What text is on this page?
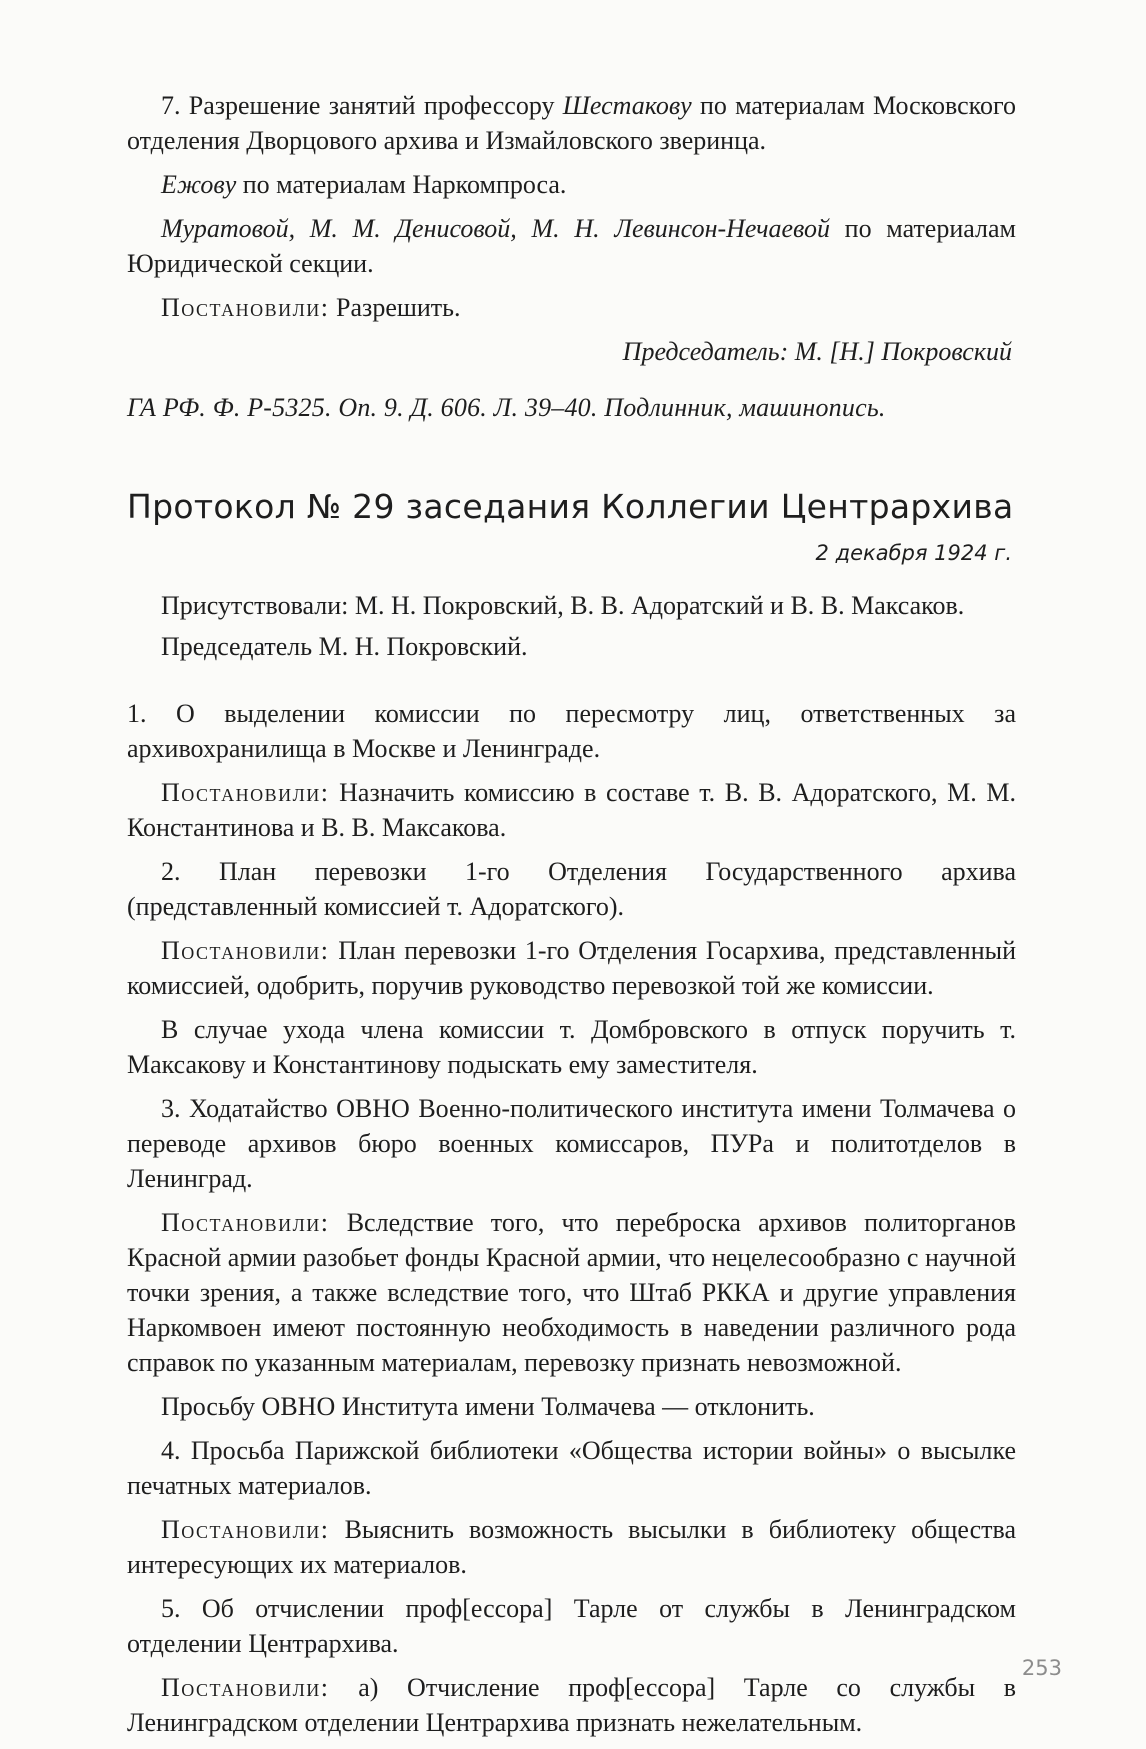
7. Разрешение занятий профессору Шестакову по материалам Московского отделения Дворцового архива и Измайловского зверинца.

Ежову по материалам Наркомпроса.

Муратовой, М. М. Денисовой, М. Н. Левинсон-Нечаевой по материалам Юридической секции.

Постановили: Разрешить.

Председатель: М. [Н.] Покровский

ГА РФ. Ф. Р-5325. Оп. 9. Д. 606. Л. 39–40. Подлинник, машинопись.

Протокол № 29 заседания Коллегии Центрархива

2 декабря 1924 г.

Присутствовали: М. Н. Покровский, В. В. Адоратский и В. В. Максаков.

Председатель М. Н. Покровский.

1. О выделении комиссии по пересмотру лиц, ответственных за архивохранилища в Москве и Ленинграде.

Постановили: Назначить комиссию в составе т. В. В. Адоратского, М. М. Константинова и В. В. Максакова.

2. План перевозки 1-го Отделения Государственного архива (представленный комиссией т. Адоратского).

Постановили: План перевозки 1-го Отделения Госархива, представленный комиссией, одобрить, поручив руководство перевозкой той же комиссии.

В случае ухода члена комиссии т. Домбровского в отпуск поручить т. Максакову и Константинову подыскать ему заместителя.

3. Ходатайство ОВНО Военно-политического института имени Толмачева о переводе архивов бюро военных комиссаров, ПУРа и политотделов в Ленинград.

Постановили: Вследствие того, что переброска архивов политорганов Красной армии разобьет фонды Красной армии, что нецелесообразно с научной точки зрения, а также вследствие того, что Штаб РККА и другие управления Наркомвоен имеют постоянную необходимость в наведении различного рода справок по указанным материалам, перевозку признать невозможной.

Просьбу ОВНО Института имени Толмачева — отклонить.

4. Просьба Парижской библиотеки «Общества истории войны» о высылке печатных материалов.

Постановили: Выяснить возможность высылки в библиотеку общества интересующих их материалов.

5. Об отчислении проф[ессора] Тарле от службы в Ленинградском отделении Центрархива.

Постановили: а) Отчисление проф[ессора] Тарле со службы в Ленинградском отделении Центрархива признать нежелательным.

253
